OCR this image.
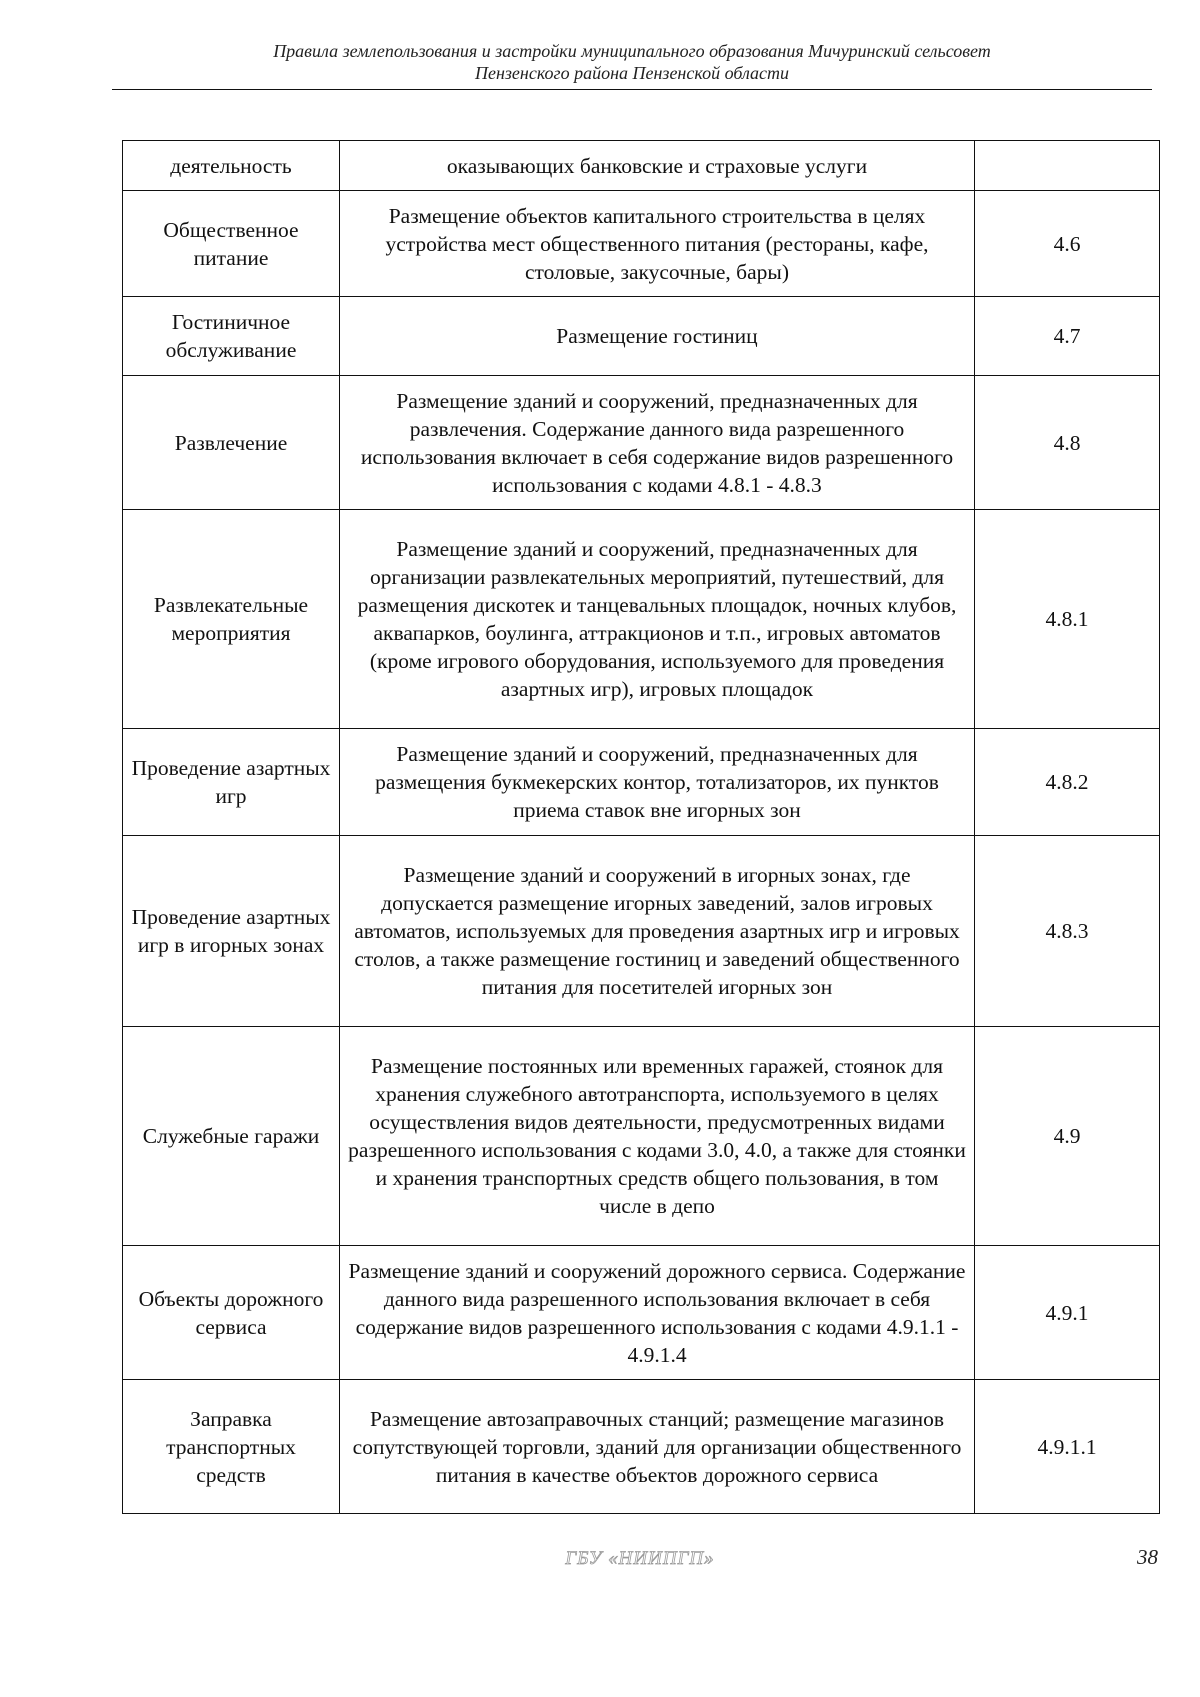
Правила землепользования и застройки муниципального образования Мичуринский сельсовет
Пензенского района Пензенской области
деятельность	оказывающих банковские и страховые услуги	
Общественное питание	Размещение объектов капитального строительства в целях устройства мест общественного питания (рестораны, кафе, столовые, закусочные, бары)	4.6
Гостиничное обслуживание	Размещение гостиниц	4.7
Развлечение	Размещение зданий и сооружений, предназначенных для развлечения. Содержание данного вида разрешенного использования включает в себя содержание видов разрешенного использования с кодами 4.8.1 - 4.8.3	4.8
Развлекательные мероприятия	Размещение зданий и сооружений, предназначенных для организации развлекательных мероприятий, путешествий, для размещения дискотек и танцевальных площадок, ночных клубов, аквапарков, боулинга, аттракционов и т.п., игровых автоматов (кроме игрового оборудования, используемого для проведения азартных игр), игровых площадок	4.8.1
Проведение азартных игр	Размещение зданий и сооружений, предназначенных для размещения букмекерских контор, тотализаторов, их пунктов приема ставок вне игорных зон	4.8.2
Проведение азартных игр в игорных зонах	Размещение зданий и сооружений в игорных зонах, где допускается размещение игорных заведений, залов игровых автоматов, используемых для проведения азартных игр и игровых столов, а также размещение гостиниц и заведений общественного питания для посетителей игорных зон	4.8.3
Служебные гаражи	Размещение постоянных или временных гаражей, стоянок для хранения служебного автотранспорта, используемого в целях осуществления видов деятельности, предусмотренных видами разрешенного использования с кодами 3.0, 4.0, а также для стоянки и хранения транспортных средств общего пользования, в том числе в депо	4.9
Объекты дорожного сервиса	Размещение зданий и сооружений дорожного сервиса. Содержание данного вида разрешенного использования включает в себя содержание видов разрешенного использования с кодами 4.9.1.1 - 4.9.1.4	4.9.1
Заправка транспортных средств	Размещение автозаправочных станций; размещение магазинов сопутствующей торговли, зданий для организации общественного питания в качестве объектов дорожного сервиса	4.9.1.1
ГБУ «НИИПГП»	38
